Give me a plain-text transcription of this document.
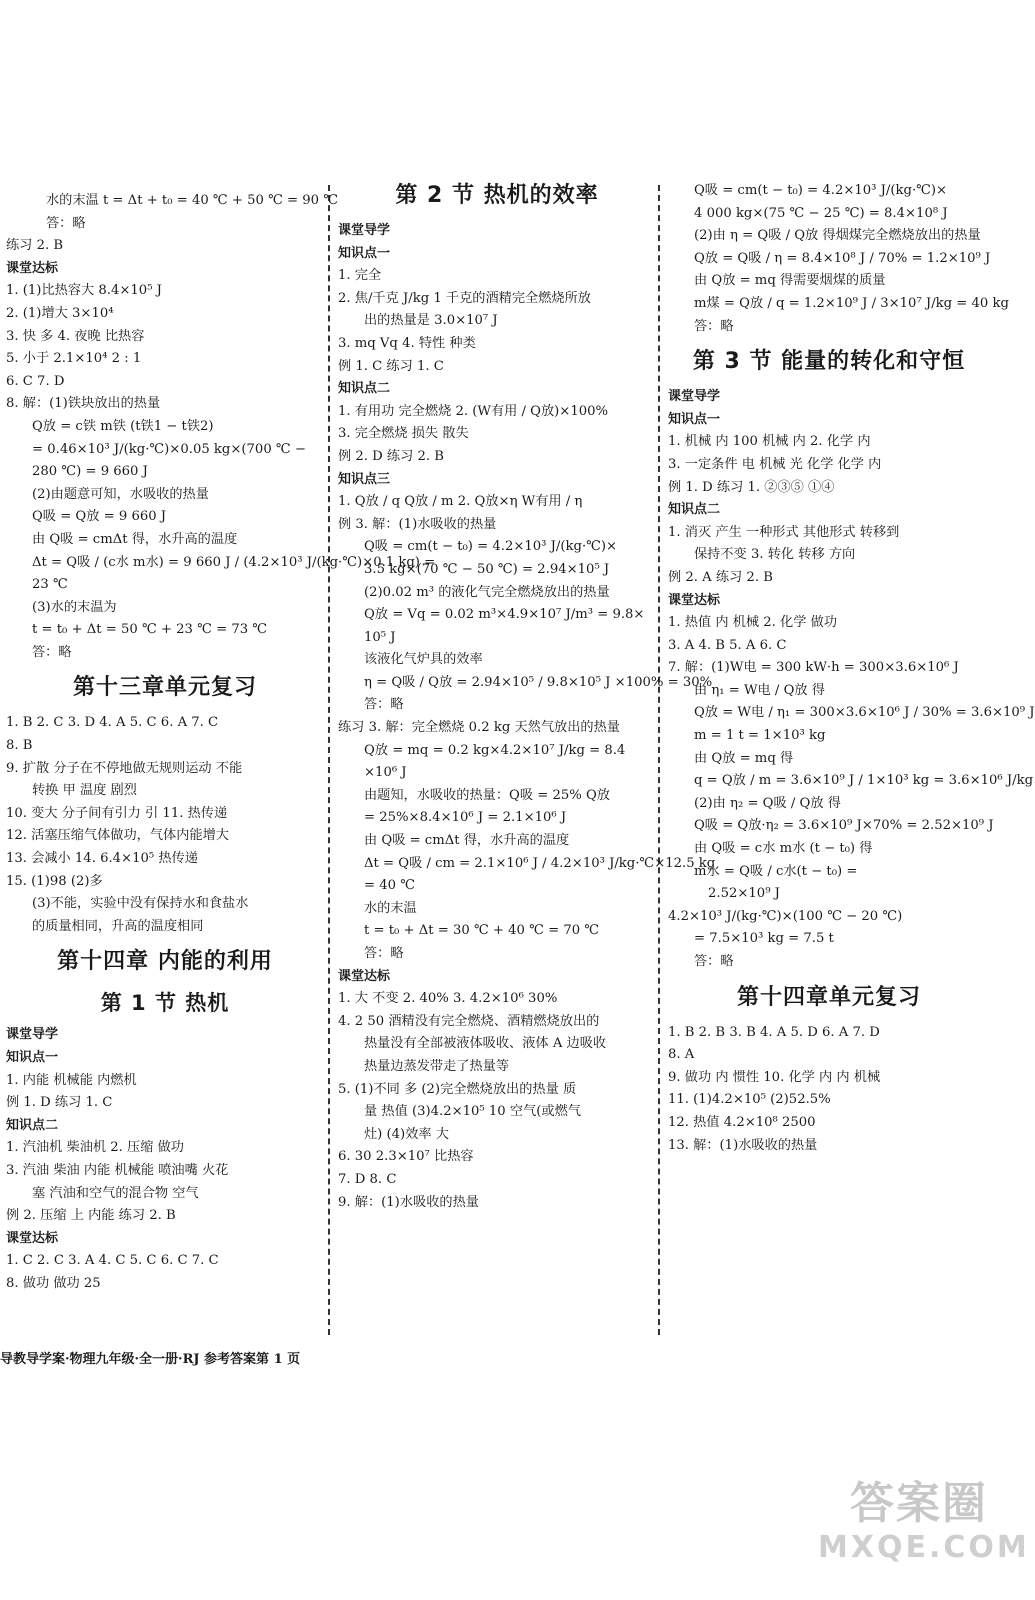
水的末温 t = Δt + t₀ = 40 ℃ + 50 ℃ = 90 ℃
答：略
练习 2. B
课堂达标
1. (1)比热容大 8.4×10⁵ J
2. (1)增大 3×10⁴
3. 快 多 4. 夜晚 比热容
5. 小于 2.1×10⁴ 2 : 1
6. C 7. D
8. 解：(1)铁块放出的热量
Q放 = c铁 m铁 (t铁1 − t铁2)
= 0.46×10³ J/(kg·℃)×0.05 kg×(700 ℃ −
280 ℃) = 9 660 J
(2)由题意可知，水吸收的热量
Q吸 = Q放 = 9 660 J
由 Q吸 = cmΔt 得，水升高的温度
Δt = Q吸 / (c水 m水) = 9 660 J / (4.2×10³ J/(kg·℃)×0.1 kg) =
23 ℃
(3)水的末温为
t = t₀ + Δt = 50 ℃ + 23 ℃ = 73 ℃
答：略
第十三章单元复习
1. B 2. C 3. D 4. A 5. C 6. A 7. C
8. B
9. 扩散 分子在不停地做无规则运动 不能
转换 甲 温度 剧烈
10. 变大 分子间有引力 引 11. 热传递
12. 活塞压缩气体做功，气体内能增大
13. 会减小 14. 6.4×10⁵ 热传递
15. (1)98 (2)多
(3)不能，实验中没有保持水和食盐水
的质量相同，升高的温度相同
第十四章 内能的利用
第 1 节 热机
课堂导学
知识点一
1. 内能 机械能 内燃机
例 1. D 练习 1. C
知识点二
1. 汽油机 柴油机 2. 压缩 做功
3. 汽油 柴油 内能 机械能 喷油嘴 火花
塞 汽油和空气的混合物 空气
例 2. 压缩 上 内能 练习 2. B
课堂达标
1. C 2. C 3. A 4. C 5. C 6. C 7. C
8. 做功 做功 25
第 2 节 热机的效率
课堂导学
知识点一
1. 完全
2. 焦/千克 J/kg 1 千克的酒精完全燃烧所放
出的热量是 3.0×10⁷ J
3. mq Vq 4. 特性 种类
例 1. C 练习 1. C
知识点二
1. 有用功 完全燃烧 2. (W有用 / Q放)×100%
3. 完全燃烧 损失 散失
例 2. D 练习 2. B
知识点三
1. Q放 / q Q放 / m 2. Q放×η W有用 / η
例 3. 解：(1)水吸收的热量
Q吸 = cm(t − t₀) = 4.2×10³ J/(kg·℃)×
3.5 kg×(70 ℃ − 50 ℃) = 2.94×10⁵ J
(2)0.02 m³ 的液化气完全燃烧放出的热量
Q放 = Vq = 0.02 m³×4.9×10⁷ J/m³ = 9.8×
10⁵ J
该液化气炉具的效率
η = Q吸 / Q放 = 2.94×10⁵ / 9.8×10⁵ J ×100% = 30%
答：略
练习 3. 解：完全燃烧 0.2 kg 天然气放出的热量
Q放 = mq = 0.2 kg×4.2×10⁷ J/kg = 8.4
×10⁶ J
由题知，水吸收的热量：Q吸 = 25% Q放
= 25%×8.4×10⁶ J = 2.1×10⁶ J
由 Q吸 = cmΔt 得，水升高的温度
Δt = Q吸 / cm = 2.1×10⁶ J / 4.2×10³ J/kg·℃×12.5 kg
= 40 ℃
水的末温
t = t₀ + Δt = 30 ℃ + 40 ℃ = 70 ℃
答：略
课堂达标
1. 大 不变 2. 40% 3. 4.2×10⁶ 30%
4. 2 50 酒精没有完全燃烧、酒精燃烧放出的
热量没有全部被液体吸收、液体 A 边吸收
热量边蒸发带走了热量等
5. (1)不同 多 (2)完全燃烧放出的热量 质
量 热值 (3)4.2×10⁵ 10 空气(或燃气
灶) (4)效率 大
6. 30 2.3×10⁷ 比热容
7. D 8. C
9. 解：(1)水吸收的热量
Q吸 = cm(t − t₀) = 4.2×10³ J/(kg·℃)×
4 000 kg×(75 ℃ − 25 ℃) = 8.4×10⁸ J
(2)由 η = Q吸 / Q放 得烟煤完全燃烧放出的热量
Q放 = Q吸 / η = 8.4×10⁸ J / 70% = 1.2×10⁹ J
由 Q放 = mq 得需要烟煤的质量
m煤 = Q放 / q = 1.2×10⁹ J / 3×10⁷ J/kg = 40 kg
答：略
第 3 节 能量的转化和守恒
课堂导学
知识点一
1. 机械 内 100 机械 内 2. 化学 内
3. 一定条件 电 机械 光 化学 化学 内
例 1. D 练习 1. ②③⑤ ①④
知识点二
1. 消灭 产生 一种形式 其他形式 转移到
保持不变 3. 转化 转移 方向
例 2. A 练习 2. B
课堂达标
1. 热值 内 机械 2. 化学 做功
3. A 4. B 5. A 6. C
7. 解：(1)W电 = 300 kW·h = 300×3.6×10⁶ J
由 η₁ = W电 / Q放 得
Q放 = W电 / η₁ = 300×3.6×10⁶ J / 30% = 3.6×10⁹ J
m = 1 t = 1×10³ kg
由 Q放 = mq 得
q = Q放 / m = 3.6×10⁹ J / 1×10³ kg = 3.6×10⁶ J/kg
(2)由 η₂ = Q吸 / Q放 得
Q吸 = Q放·η₂ = 3.6×10⁹ J×70% = 2.52×10⁹ J
由 Q吸 = c水 m水 (t − t₀) 得
m水 = Q吸 / c水(t − t₀) =
2.52×10⁹ J
4.2×10³ J/(kg·℃)×(100 ℃ − 20 ℃)
= 7.5×10³ kg = 7.5 t
答：略
第十四章单元复习
1. B 2. B 3. B 4. A 5. D 6. A 7. D
8. A
9. 做功 内 惯性 10. 化学 内 内 机械
11. (1)4.2×10⁵ (2)52.5%
12. 热值 4.2×10⁸ 2500
13. 解：(1)水吸收的热量
导教导学案·物理九年级·全一册·RJ 参考答案第 1 页
答案圈
MXQE.COM
